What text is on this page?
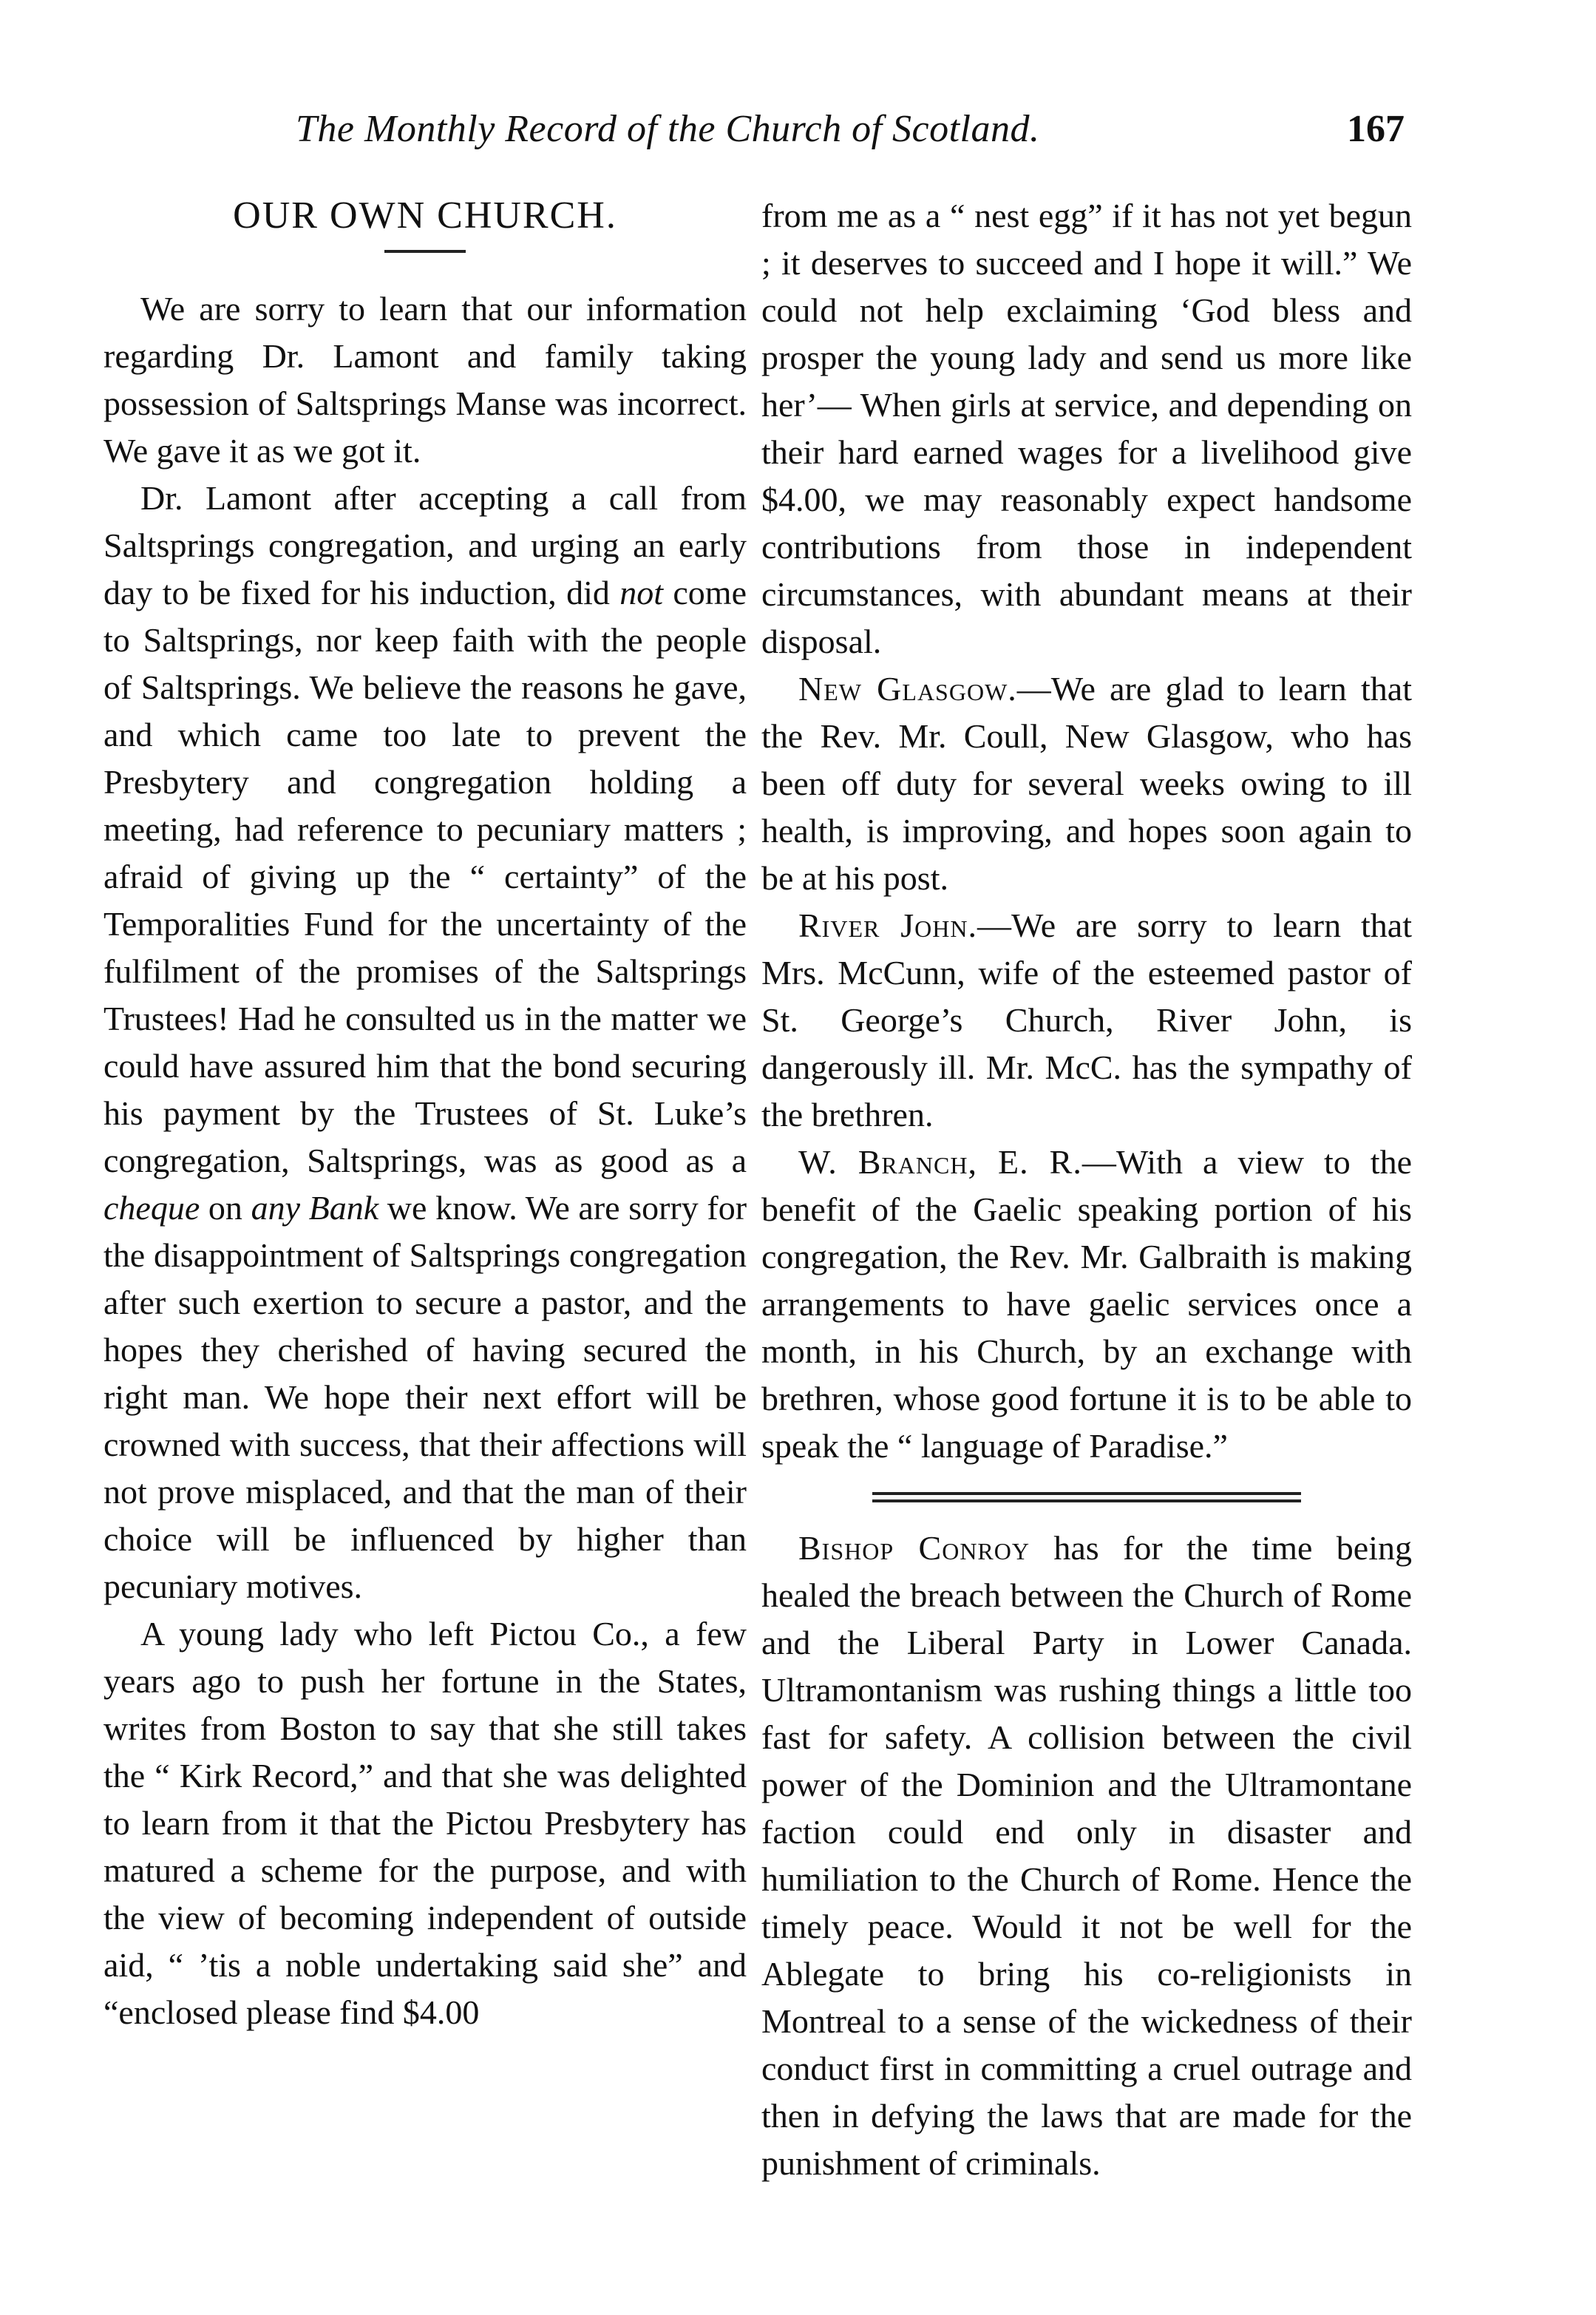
The Monthly Record of the Church of Scotland.	167
OUR OWN CHURCH.

We are sorry to learn that our information regarding Dr. Lamont and family taking possession of Saltsprings Manse was incorrect. We gave it as we got it.

Dr. Lamont after accepting a call from Saltsprings congregation, and urging an early day to be fixed for his induction, did not come to Saltsprings, nor keep faith with the people of Saltsprings. We believe the reasons he gave, and which came too late to prevent the Presbytery and congregation holding a meeting, had reference to pecuniary matters ; afraid of giving up the “ certainty” of the Temporalities Fund for the uncertainty of the fulfilment of the promises of the Saltsprings Trustees! Had he consulted us in the matter we could have assured him that the bond securing his payment by the Trustees of St. Luke’s congregation, Saltsprings, was as good as a cheque on any Bank we know. We are sorry for the disappointment of Saltsprings congregation after such exertion to secure a pastor, and the hopes they cherished of having secured the right man. We hope their next effort will be crowned with success, that their affections will not prove misplaced, and that the man of their choice will be influenced by higher than pecuniary motives.

A young lady who left Pictou Co., a few years ago to push her fortune in the States, writes from Boston to say that she still takes the “ Kirk Record,” and that she was delighted to learn from it that the Pictou Presbytery has matured a scheme for the purpose, and with the view of becoming independent of outside aid, “ ’tis a noble undertaking said she” and “enclosed please find $4.00

from me as a “ nest egg” if it has not yet begun ; it deserves to succeed and I hope it will.” We could not help exclaiming ‘God bless and prosper the young lady and send us more like her’— When girls at service, and depending on their hard earned wages for a livelihood give $4.00, we may reasonably expect handsome contributions from those in independent circumstances, with abundant means at their disposal.

New Glasgow.—We are glad to learn that the Rev. Mr. Coull, New Glasgow, who has been off duty for several weeks owing to ill health, is improving, and hopes soon again to be at his post.

River John.—We are sorry to learn that Mrs. McCunn, wife of the esteemed pastor of St. George’s Church, River John, is dangerously ill. Mr. McC. has the sympathy of the brethren.

W. Branch, E. R.—With a view to the benefit of the Gaelic speaking portion of his congregation, the Rev. Mr. Galbraith is making arrangements to have gaelic services once a month, in his Church, by an exchange with brethren, whose good fortune it is to be able to speak the “ language of Paradise.”

Bishop Conroy has for the time being healed the breach between the Church of Rome and the Liberal Party in Lower Canada. Ultramontanism was rushing things a little too fast for safety. A collision between the civil power of the Dominion and the Ultramontane faction could end only in disaster and humiliation to the Church of Rome. Hence the timely peace. Would it not be well for the Ablegate to bring his co-religionists in Montreal to a sense of the wickedness of their conduct first in committing a cruel outrage and then in defying the laws that are made for the punishment of criminals.
